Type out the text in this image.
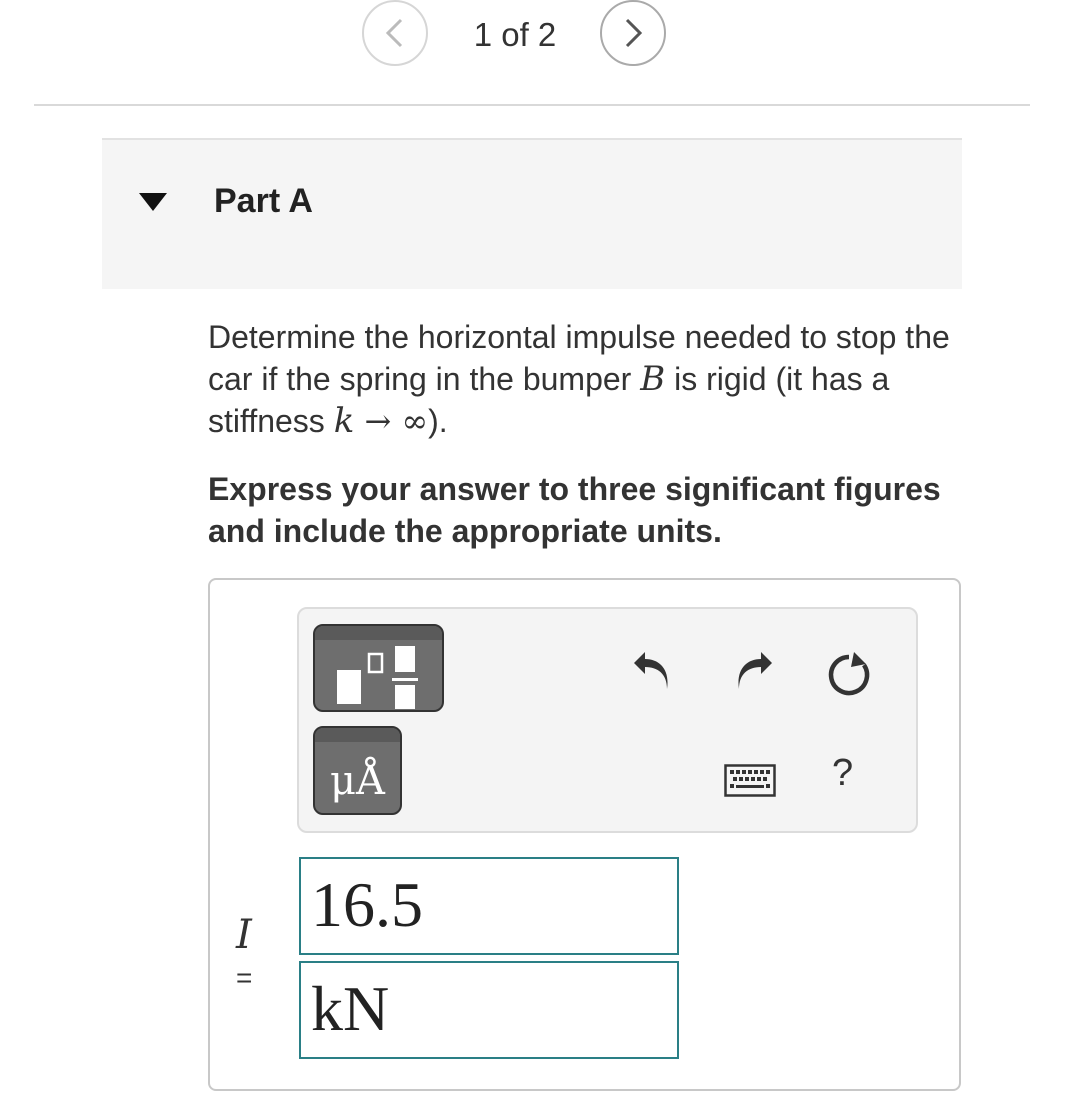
1 of 2
Part A
Determine the horizontal impulse needed to stop the car if the spring in the bumper B is rigid (it has a stiffness k → ∞).
Express your answer to three significant figures and include the appropriate units.
μÅ	?
I
=
16.5
kN
